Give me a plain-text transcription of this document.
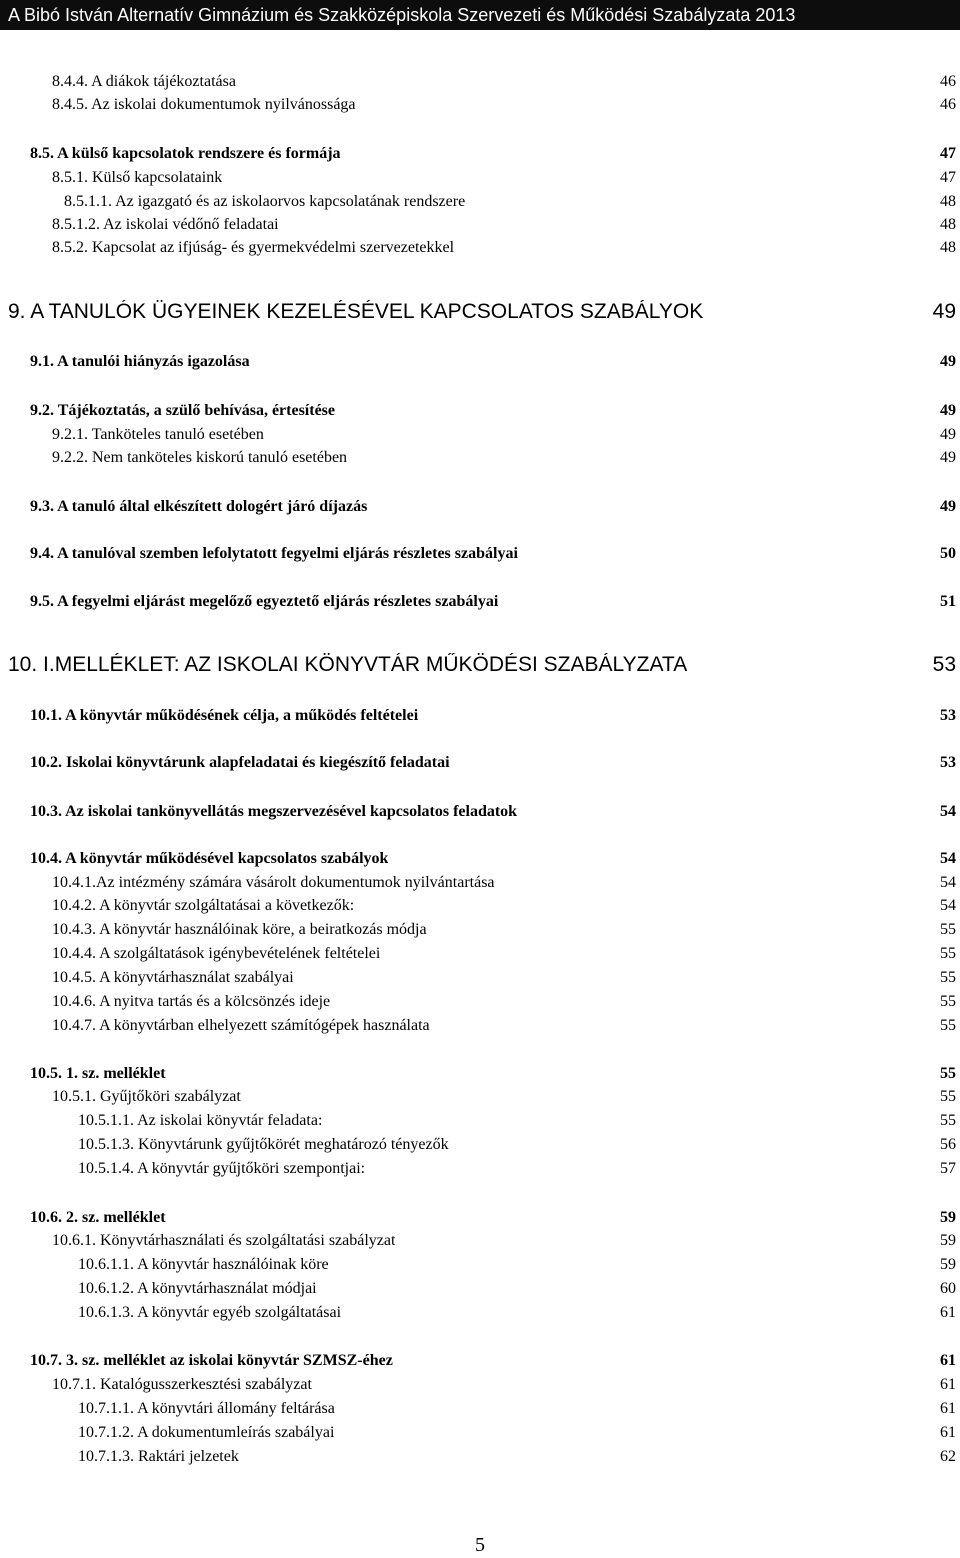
A Bibó István Alternatív Gimnázium és Szakközépiskola Szervezeti és Működési Szabályzata 2013
8.4.4. A diákok tájékoztatása	46
8.4.5. Az iskolai dokumentumok nyilvánossága	46
8.5. A külső kapcsolatok rendszere és formája	47
8.5.1. Külső kapcsolataink	47
8.5.1.1. Az igazgató és az iskolaorvos kapcsolatának rendszere	48
8.5.1.2. Az iskolai védőnő feladatai	48
8.5.2. Kapcsolat az ifjúság- és gyermekvédelmi szervezetekkel	48
9. A TANULÓK ÜGYEINEK KEZELÉSÉVEL KAPCSOLATOS SZABÁLYOK	49
9.1. A tanulói hiányzás igazolása	49
9.2. Tájékoztatás, a szülő behívása, értesítése	49
9.2.1. Tanköteles tanuló esetében	49
9.2.2. Nem tanköteles kiskorú tanuló esetében	49
9.3. A tanuló által elkészített dologért járó díjazás	49
9.4. A tanulóval szemben lefolytatott fegyelmi eljárás részletes szabályai	50
9.5. A fegyelmi eljárást megelőző egyeztető eljárás részletes szabályai	51
10. I.MELLÉKLET: AZ ISKOLAI KÖNYVTÁR MŰKÖDÉSI SZABÁLYZATA	53
10.1. A könyvtár működésének célja, a működés feltételei	53
10.2. Iskolai könyvtárunk alapfeladatai és kiegészítő feladatai	53
10.3. Az iskolai tankönyvellátás megszervezésével kapcsolatos feladatok	54
10.4. A könyvtár működésével kapcsolatos szabályok	54
10.4.1.Az intézmény számára vásárolt dokumentumok nyilvántartása	54
10.4.2. A könyvtár szolgáltatásai a következők:	54
10.4.3. A könyvtár használóinak köre, a beiratkozás módja	55
10.4.4. A szolgáltatások igénybevételének feltételei	55
10.4.5. A könyvtárhasználat szabályai	55
10.4.6. A nyitva tartás és a kölcsönzés ideje	55
10.4.7. A könyvtárban elhelyezett számítógépek használata	55
10.5. 1. sz. melléklet	55
10.5.1. Gyűjtőköri szabályzat	55
10.5.1.1. Az iskolai könyvtár feladata:	55
10.5.1.3. Könyvtárunk gyűjtőkörét meghatározó tényezők	56
10.5.1.4. A könyvtár gyűjtőköri szempontjai:	57
10.6. 2. sz. melléklet	59
10.6.1. Könyvtárhasználati és szolgáltatási szabályzat	59
10.6.1.1. A könyvtár használóinak köre	59
10.6.1.2. A könyvtárhasználat módjai	60
10.6.1.3. A könyvtár egyéb szolgáltatásai	61
10.7. 3. sz. melléklet az iskolai könyvtár SZMSZ-éhez	61
10.7.1. Katalógusszerkesztési szabályzat	61
10.7.1.1. A könyvtári állomány feltárása	61
10.7.1.2. A dokumentumleírás szabályai	61
10.7.1.3. Raktári jelzetek	62
5
